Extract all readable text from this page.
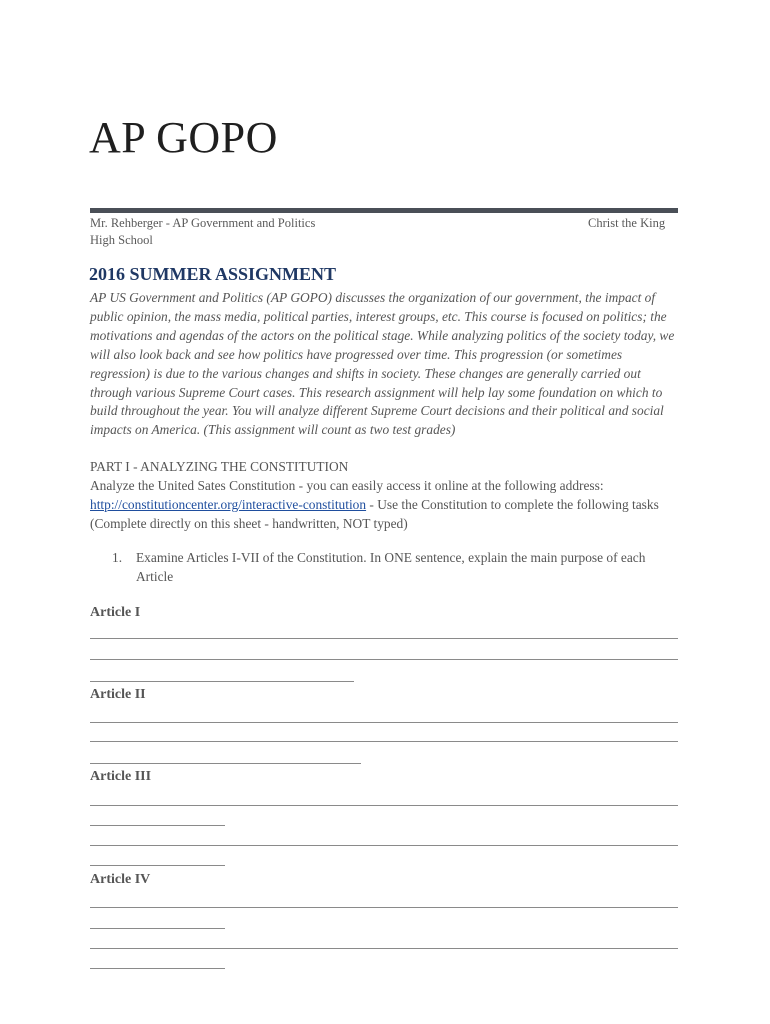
AP GOPO
Mr. Rehberger - AP Government and Politics	Christ the King
High School
2016 SUMMER ASSIGNMENT
AP US Government and Politics (AP GOPO) discusses the organization of our government, the impact of public opinion, the mass media, political parties, interest groups, etc. This course is focused on politics; the motivations and agendas of the actors on the political stage. While analyzing politics of the society today, we will also look back and see how politics have progressed over time. This progression (or sometimes regression) is due to the various changes and shifts in society. These changes are generally carried out through various Supreme Court cases. This research assignment will help lay some foundation on which to build throughout the year. You will analyze different Supreme Court decisions and their political and social impacts on America. (This assignment will count as two test grades)
PART I - ANALYZING THE CONSTITUTION
Analyze the United Sates Constitution - you can easily access it online at the following address:
http://constitutioncenter.org/interactive-constitution - Use the Constitution to complete the following tasks
(Complete directly on this sheet - handwritten, NOT typed)
1. Examine Articles I-VII of the Constitution. In ONE sentence, explain the main purpose of each Article
Article I
Article II
Article III
Article IV
